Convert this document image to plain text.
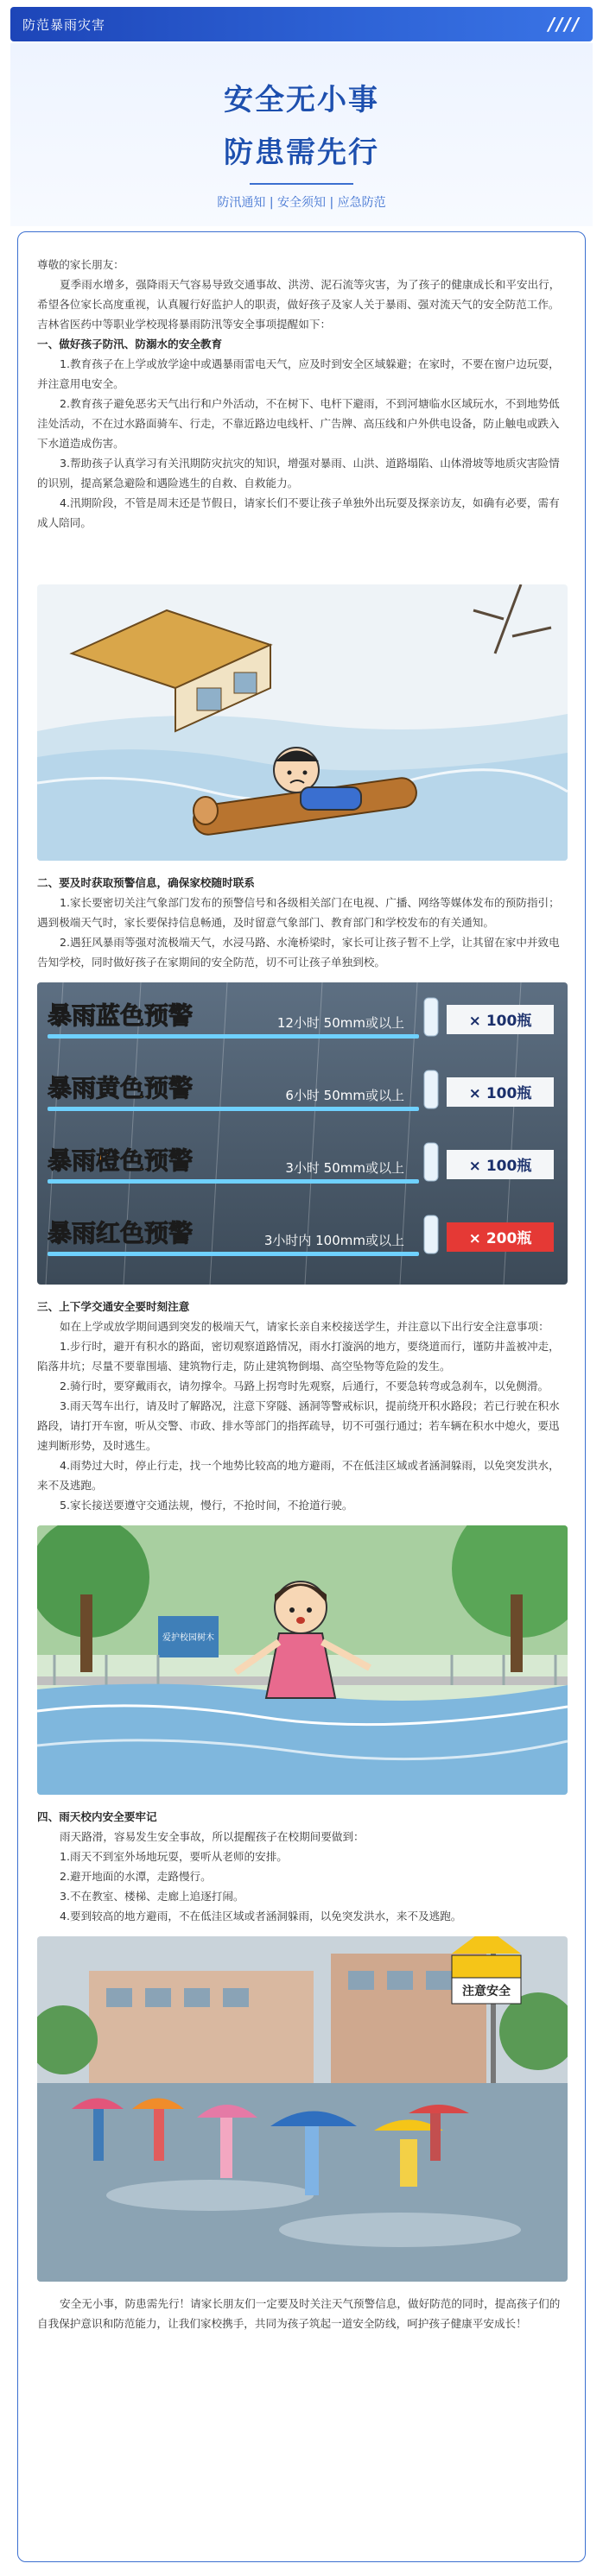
防范暴雨灾害	////
安全无小事
防患需先行
防汛通知 | 安全须知 | 应急防范

尊敬的家长朋友：

夏季雨水增多，强降雨天气容易导致交通事故、洪涝、泥石流等灾害，为了孩子的健康成长和平安出行，希望各位家长高度重视，认真履行好监护人的职责，做好孩子及家人关于暴雨、强对流天气的安全防范工作。吉林省医药中等职业学校现将暴雨防汛等安全事项提醒如下：

一、做好孩子防汛、防溺水的安全教育

1.教育孩子在上学或放学途中或遇暴雨雷电天气，应及时到安全区域躲避；在家时，不要在窗户边玩耍，并注意用电安全。

2.教育孩子避免恶劣天气出行和户外活动，不在树下、电杆下避雨，不到河塘临水区域玩水，不到地势低洼处活动，不在过水路面骑车、行走，不靠近路边电线杆、广告牌、高压线和户外供电设备，防止触电或跌入下水道造成伤害。

3.帮助孩子认真学习有关汛期防灾抗灾的知识，增强对暴雨、山洪、道路塌陷、山体滑坡等地质灾害险情的识别，提高紧急避险和遇险逃生的自救、自救能力。

4.汛期阶段，不管是周末还是节假日，请家长们不要让孩子单独外出玩耍及探亲访友，如确有必要，需有成人陪同。

二、要及时获取预警信息，确保家校随时联系

1.家长要密切关注气象部门发布的预警信号和各级相关部门在电视、广播、网络等媒体发布的预防指引；遇到极端天气时，家长要保持信息畅通，及时留意气象部门、教育部门和学校发布的有关通知。

2.遇狂风暴雨等强对流极端天气，水浸马路、水淹桥梁时，家长可让孩子暂不上学，让其留在家中并致电告知学校，同时做好孩子在家期间的安全防范，切不可让孩子单独到校。

暴雨蓝色预警	12小时 50mm或以上	× 100瓶
暴雨黄色预警	6小时 50mm或以上	× 100瓶
暴雨橙色预警	3小时 50mm或以上	× 100瓶
暴雨红色预警	3小时内 100mm或以上	× 200瓶

三、上下学交通安全要时刻注意

如在上学或放学期间遇到突发的极端天气，请家长亲自来校接送学生，并注意以下出行安全注意事项：

1.步行时，避开有积水的路面，密切观察道路情况，雨水打漩涡的地方，要绕道而行，谨防井盖被冲走，陷落井坑；尽量不要靠围墙、建筑物行走，防止建筑物倒塌、高空坠物等危险的发生。

2.骑行时，要穿戴雨衣，请勿撑伞。马路上拐弯时先观察，后通行，不要急转弯或急刹车，以免侧滑。

3.雨天驾车出行，请及时了解路况，注意下穿隧、涵洞等警戒标识，提前绕开积水路段；若已行驶在积水路段，请打开车窗，听从交警、市政、排水等部门的指挥疏导，切不可强行通过；若车辆在积水中熄火，要迅速判断形势，及时逃生。

4.雨势过大时，停止行走，找一个地势比较高的地方避雨，不在低洼区域或者涵洞躲雨，以免突发洪水，来不及逃跑。

5.家长接送要遵守交通法规，慢行，不抢时间，不抢道行驶。

爱护校园树木

四、雨天校内安全要牢记

雨天路滑，容易发生安全事故，所以提醒孩子在校期间要做到：

1.雨天不到室外场地玩耍，要听从老师的安排。

2.避开地面的水潭，走路慢行。

3.不在教室、楼梯、走廊上追逐打闹。

4.要到较高的地方避雨，不在低洼区域或者涵洞躲雨，以免突发洪水，来不及逃跑。

注意安全

安全无小事，防患需先行！请家长朋友们一定要及时关注天气预警信息，做好防范的同时，提高孩子们的自我保护意识和防范能力，让我们家校携手，共同为孩子筑起一道安全防线，呵护孩子健康平安成长！
